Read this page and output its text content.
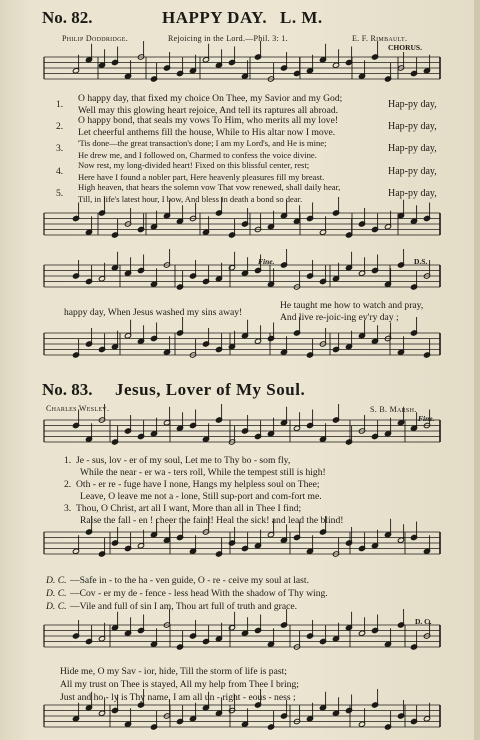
No. 82.	HAPPY DAY. L. M.
Philip Doddridge.	Rejoicing in the Lord.—Phil. 3: 1.	E. F. Rimbault.
CHORUS.
1.
O happy day, that fixed my choice On Thee, my Savior and my God;
Well may this glowing heart rejoice, And tell its raptures all abroad.
2.
O happy bond, that seals my vows To Him, who merits all my love!
Let cheerful anthems fill the house, While to His altar now I move.
3. 'Tis done—the great transaction's done; I am my Lord's, and He is mine;
He drew me, and I followed on, Charmed to confess the voice divine.
4.
Now rest, my long-divided heart! Fixed on this blissful center, rest;
Here have I found a nobler part, Here heavenly pleasures fill my breast.
5.
High heaven, that hears the solemn vow That vow renewed, shall daily hear,
Till, in life's latest hour, I bow, And bless in death a bond so dear.
Hap-py day,
Hap-py day,
Hap-py day,
Hap-py day,
Hap-py day,
Fine.	D.S.
happy day, When Jesus washed my sins away!
He taught me how to watch and pray,
And live re-joic-ing ev'ry day ;
No. 83. Jesus, Lover of My Soul.
Charles Wesley.	S. B. Marsh.
Fine.
1. Je - sus, lov - er of my soul, Let me to Thy bo - som fly,
While the near - er wa - ters roll, While the tempest still is high!
2. Oth - er re - fuge have I none, Hangs my helpless soul on Thee;
Leave, O leave me not a - lone, Still sup-port and com-fort me.
3. Thou, O Christ, art all I want, More than all in Thee I find;
Raise the fall - en ! cheer the faint! Heal the sick! and lead the blind!
D. C. —Safe in - to the ha - ven guide, O - re - ceive my soul at last.
D. C. —Cov - er my de - fence - less head With the shadow of Thy wing.
D. C. —Vile and full of sin I am, Thou art full of truth and grace.
D. C.
Hide me, O my Sav - ior, hide, Till the storm of life is past;
All my trust on Thee is stayed, All my help from Thee I bring;
Just and ho - ly is Thy name, I am all un - right - eous - ness ;
